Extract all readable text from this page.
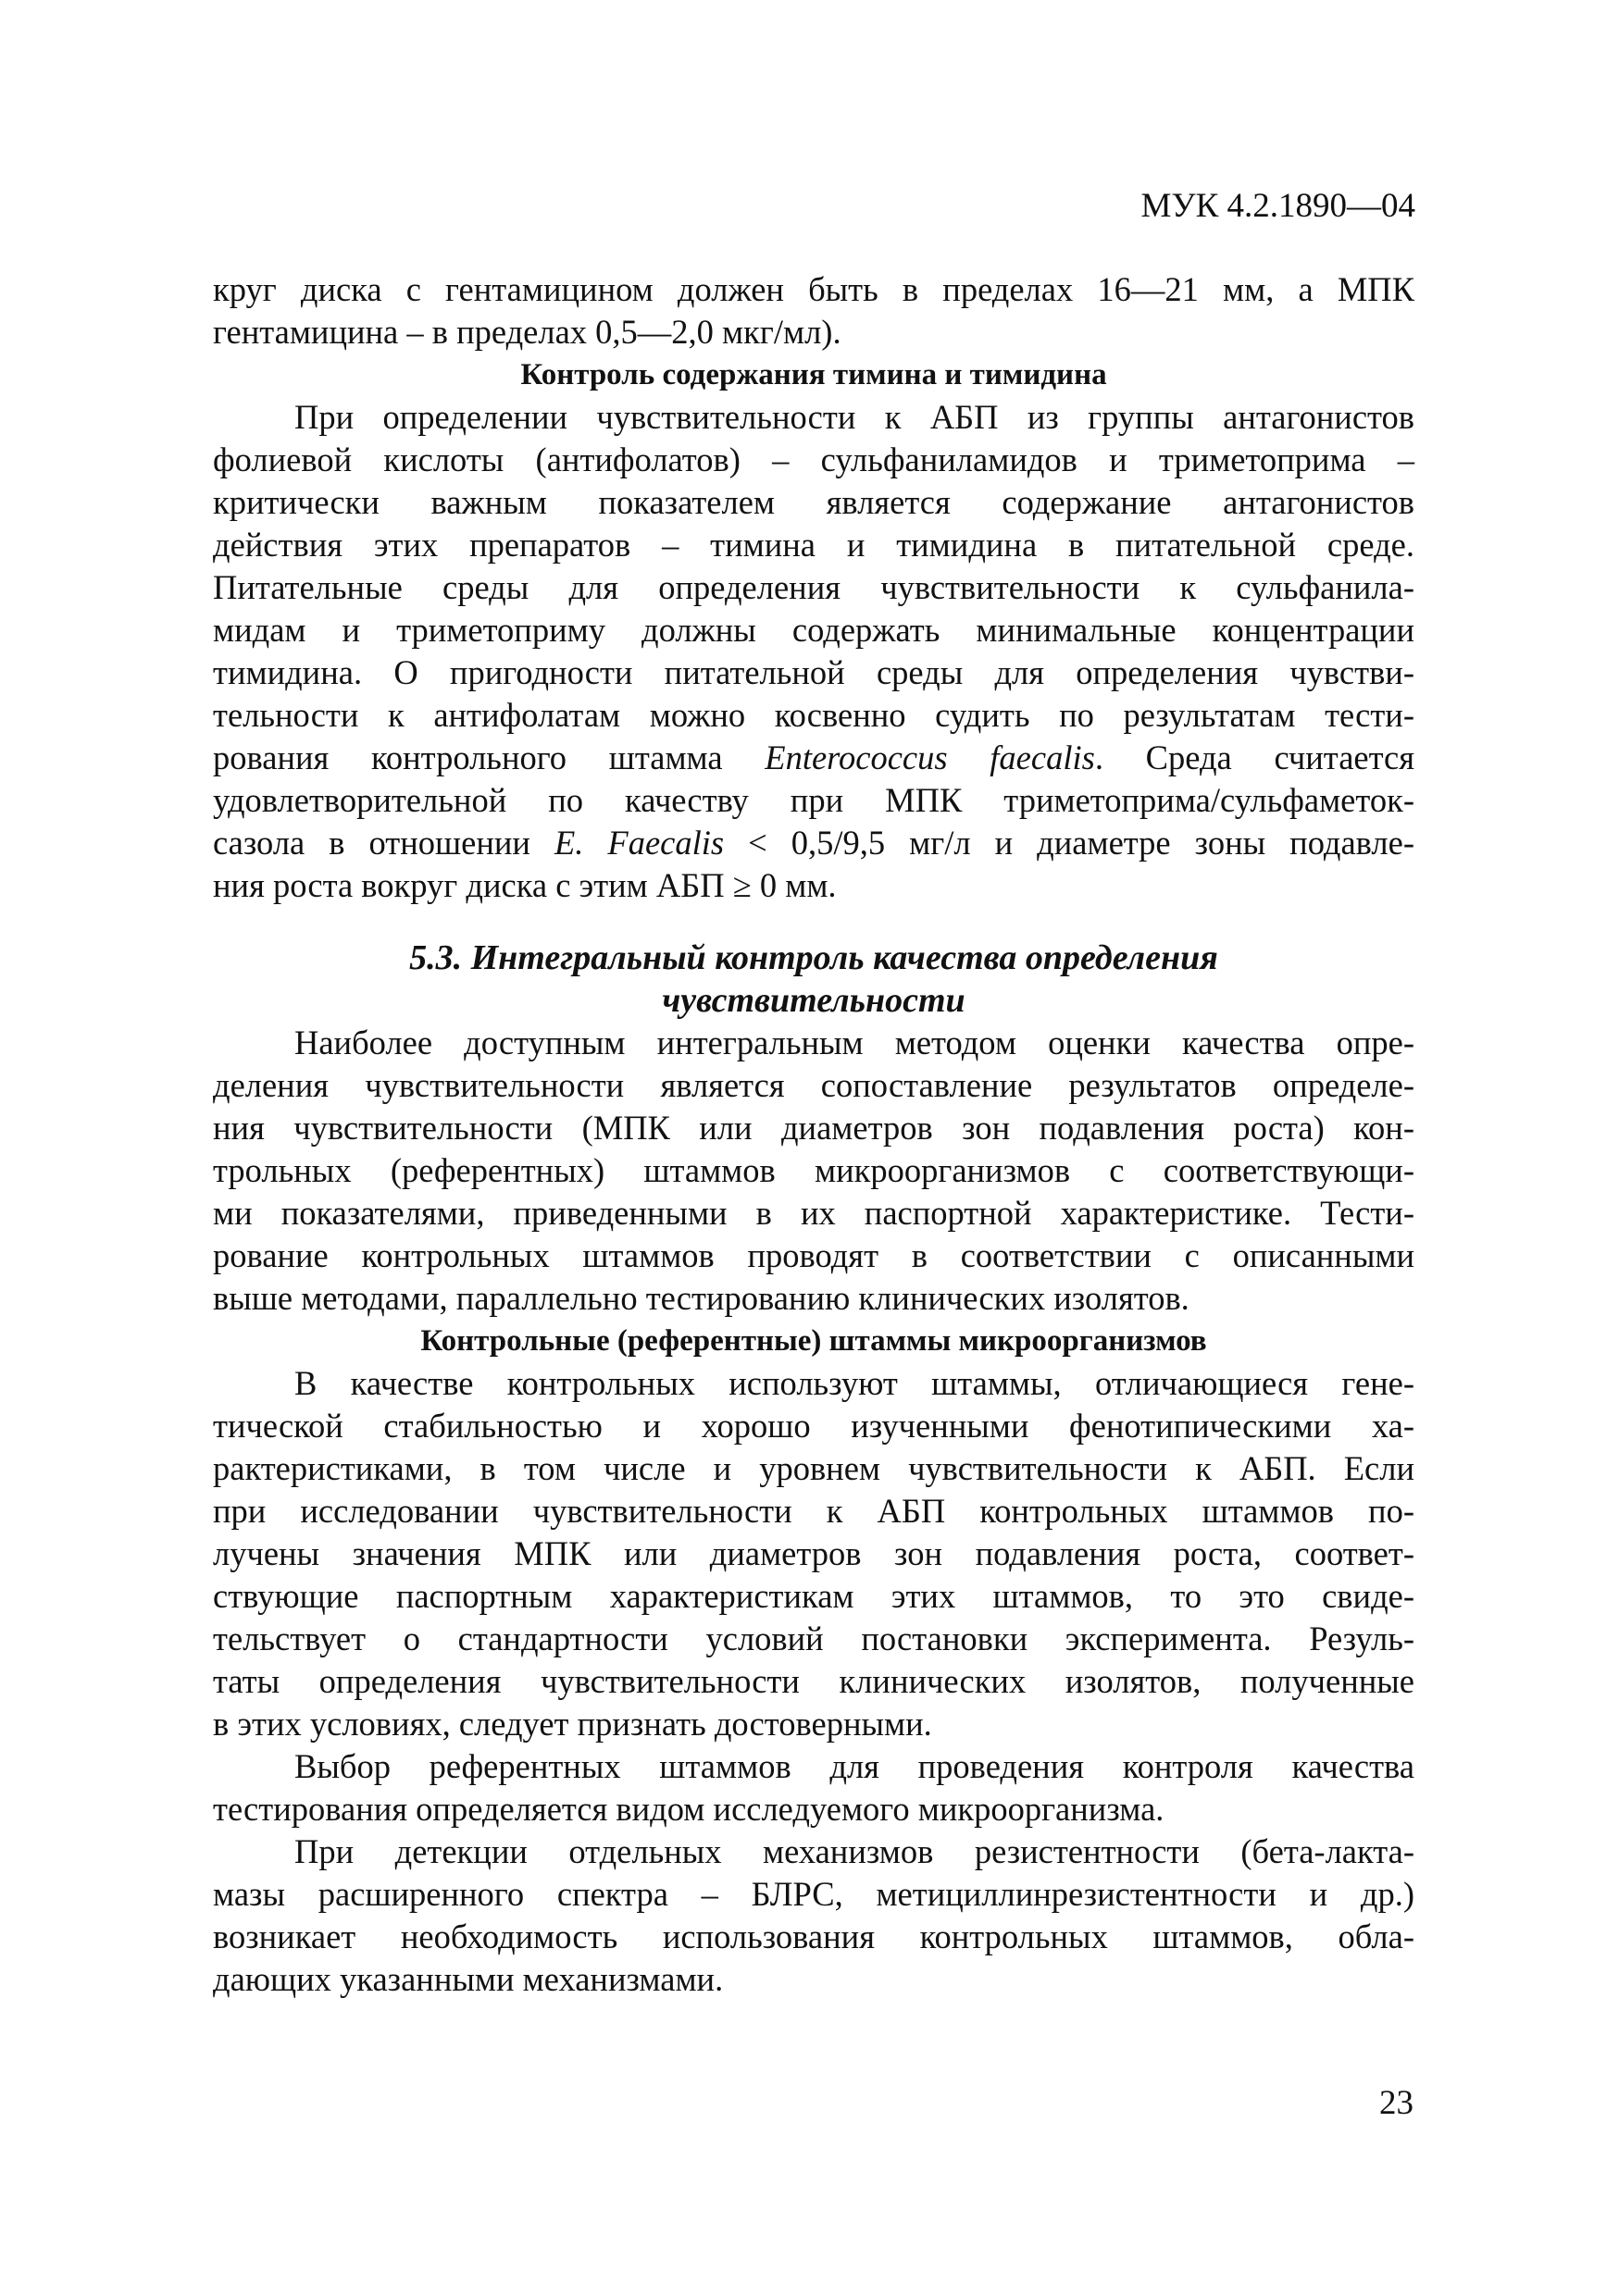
МУК 4.2.1890—04
круг диска с гентамицином должен быть в пределах 16—21 мм, а МПК
гентамицина – в пределах 0,5—2,0 мкг/мл).
Контроль содержания тимина и тимидина
При определении чувствительности к АБП из группы антагонистов
фолиевой кислоты (антифолатов) – сульфаниламидов и триметоприма –
критически важным показателем является содержание антагонистов
действия этих препаратов – тимина и тимидина в питательной среде.
Питательные среды для определения чувствительности к сульфанила-
мидам и триметоприму должны содержать минимальные концентрации
тимидина. О пригодности питательной среды для определения чувстви-
тельности к антифолатам можно косвенно судить по результатам тести-
рования контрольного штамма Enterococcus faecalis. Среда считается
удовлетворительной по качеству при МПК триметоприма/сульфаметок-
сазола в отношении E. Faecalis < 0,5/9,5 мг/л и диаметре зоны подавле-
ния роста вокруг диска с этим АБП ≥ 0 мм.
5.3. Интегральный контроль качества определения
чувствительности
Наиболее доступным интегральным методом оценки качества опре-
деления чувствительности является сопоставление результатов определе-
ния чувствительности (МПК или диаметров зон подавления роста) кон-
трольных (референтных) штаммов микроорганизмов с соответствующи-
ми показателями, приведенными в их паспортной характеристике. Тести-
рование контрольных штаммов проводят в соответствии с описанными
выше методами, параллельно тестированию клинических изолятов.
Контрольные (референтные) штаммы микроорганизмов
В качестве контрольных используют штаммы, отличающиеся гене-
тической стабильностью и хорошо изученными фенотипическими ха-
рактеристиками, в том числе и уровнем чувствительности к АБП. Если
при исследовании чувствительности к АБП контрольных штаммов по-
лучены значения МПК или диаметров зон подавления роста, соответ-
ствующие паспортным характеристикам этих штаммов, то это свиде-
тельствует о стандартности условий постановки эксперимента. Резуль-
таты определения чувствительности клинических изолятов, полученные
в этих условиях, следует признать достоверными.
Выбор референтных штаммов для проведения контроля качества
тестирования определяется видом исследуемого микроорганизма.
При детекции отдельных механизмов резистентности (бета-лакта-
мазы расширенного спектра – БЛРС, метициллинрезистентности и др.)
возникает необходимость использования контрольных штаммов, обла-
дающих указанными механизмами.
23
